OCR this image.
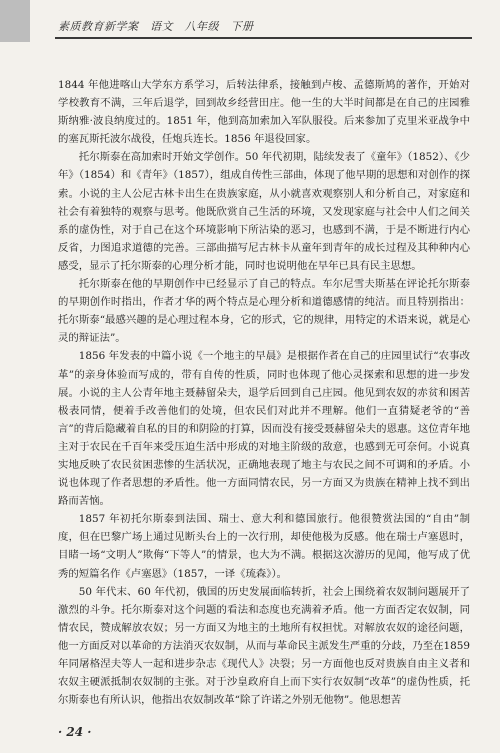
素质教育新学案　语文　八年级　下册

1844 年他进喀山大学东方系学习，后转法律系，接触到卢梭、孟德斯鸠的著作，开始对学校教育不满，三年后退学，回到故乡经营田庄。他一生的大半时间都是在自己的庄园雅斯纳雅·波良纳度过的。1851 年，他到高加索加入军队服役。后来参加了克里米亚战争中的塞瓦斯托波尔战役，任炮兵连长。1856 年退役回家。

托尔斯泰在高加索时开始文学创作。50 年代初期，陆续发表了《童年》（1852）、《少年》（1854）和《青年》（1857），组成自传性三部曲，体现了他早期的思想和对创作的探索。小说的主人公尼古林卡出生在贵族家庭，从小就喜欢观察别人和分析自己，对家庭和社会有着独特的观察与思考。他既欣赏自己生活的环境，又发现家庭与社会中人们之间关系的虚伪性，对于自己在这个环境影响下所沾染的恶习，也感到不满，于是不断进行内心反省，力图追求道德的完善。三部曲描写尼古林卡从童年到青年的成长过程及其种种内心感受，显示了托尔斯泰的心理分析才能，同时也说明他在早年已具有民主思想。

托尔斯泰在他的早期创作中已经显示了自己的特点。车尔尼雪夫斯基在评论托尔斯泰的早期创作时指出，作者才华的两个特点是心理分析和道德感情的纯洁。而且特别指出：托尔斯泰“最感兴趣的是心理过程本身，它的形式，它的规律，用特定的术语来说，就是心灵的辩证法”。

1856 年发表的中篇小说《一个地主的早晨》是根据作者在自己的庄园里试行“农事改革”的亲身体验而写成的，带有自传的性质，同时也体现了他心灵探索和思想的进一步发展。小说的主人公青年地主聂赫留朵夫，退学后回到自己庄园。他见到农奴的赤贫和困苦极表同情，便着手改善他们的处境，但农民们对此并不理解。他们一直猜疑老爷的“善言”的背后隐藏着自私的目的和阴险的打算，因而没有接受聂赫留朵夫的恩惠。这位青年地主对于农民在千百年来受压迫生活中形成的对地主阶级的敌意，也感到无可奈何。小说真实地反映了农民贫困悲惨的生活状况，正确地表现了地主与农民之间不可调和的矛盾。小说也体现了作者思想的矛盾性。他一方面同情农民，另一方面又为贵族在精神上找不到出路而苦恼。

1857 年初托尔斯泰到法国、瑞士、意大利和德国旅行。他很赞赏法国的“自由”制度，但在巴黎广场上通过见断头台上的一次行刑，却使他极为反感。他在瑞士卢塞恩时，目睹一场“文明人”欺侮“下等人”的情景，也大为不满。根据这次游历的见闻，他写成了优秀的短篇名作《卢塞恩》（1857，一译《琉森》）。

50 年代末、60 年代初，俄国的历史发展面临转折，社会上围绕着农奴制问题展开了激烈的斗争。托尔斯泰对这个问题的看法和态度也充满着矛盾。他一方面否定农奴制，同情农民，赞成解放农奴；另一方面又为地主的土地所有权担忧。对解放农奴的途径问题，他一方面反对以革命的方法消灭农奴制，从而与革命民主派发生严重的分歧，乃至在1859 年同屠格涅夫等人一起和进步杂志《现代人》决裂；另一方面他也反对贵族自由主义者和农奴主硬派抵制农奴制的主张。对于沙皇政府自上而下实行农奴制“改革”的虚伪性质，托尔斯泰也有所认识，他指出农奴制改革“除了许诺之外别无他物”。他思想苦

· 24 ·
